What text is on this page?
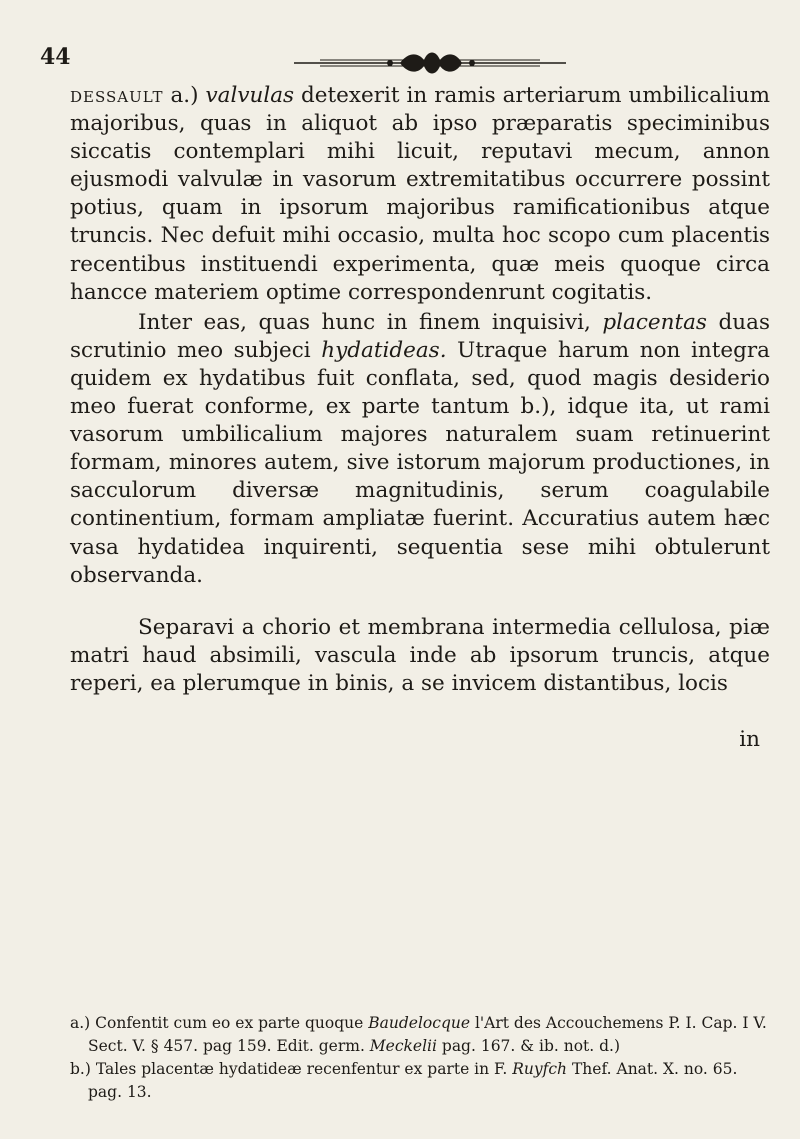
44

dessault a.) valvulas detexerit in ramis arteriarum umbilicalium majoribus, quas in aliquot ab ipso præparatis speciminibus siccatis contemplari mihi licuit, reputavi mecum, annon ejusmodi valvulæ in vasorum extremitatibus occurrere possint potius, quam in ipsorum majoribus ramificationibus atque truncis. Nec defuit mihi occasio, multa hoc scopo cum placentis recentibus instituendi experimenta, quæ meis quoque circa hancce materiem optime correspondenrunt cogitatis.

Inter eas, quas hunc in finem inquisivi, placentas duas scrutinio meo subjeci hydatideas. Utraque harum non integra quidem ex hydatibus fuit conflata, sed, quod magis desiderio meo fuerat conforme, ex parte tantum b.), idque ita, ut rami vasorum umbilicalium majores naturalem suam retinuerint formam, minores autem, sive istorum majorum productiones, in sacculorum diversæ magnitudinis, serum coagulabile continentium, formam ampliatæ fuerint. Accuratius autem hæc vasa hydatidea inquirenti, sequentia sese mihi obtulerunt observanda.

Separavi a chorio et membrana intermedia cellulosa, piæ matri haud absimili, vascula inde ab ipsorum truncis, atque reperi, ea plerumque in binis, a se invicem distantibus, locis

in

a.) Confentit cum eo ex parte quoque Baudelocque l'Art des Accouchemens P. I. Cap. I V. Sect. V. § 457. pag 159. Edit. germ. Meckelii pag. 167. & ib. not. d.)

b.) Tales placentæ hydatideæ recenfentur ex parte in F. Ruyfch Thef. Anat. X. no. 65. pag. 13.
